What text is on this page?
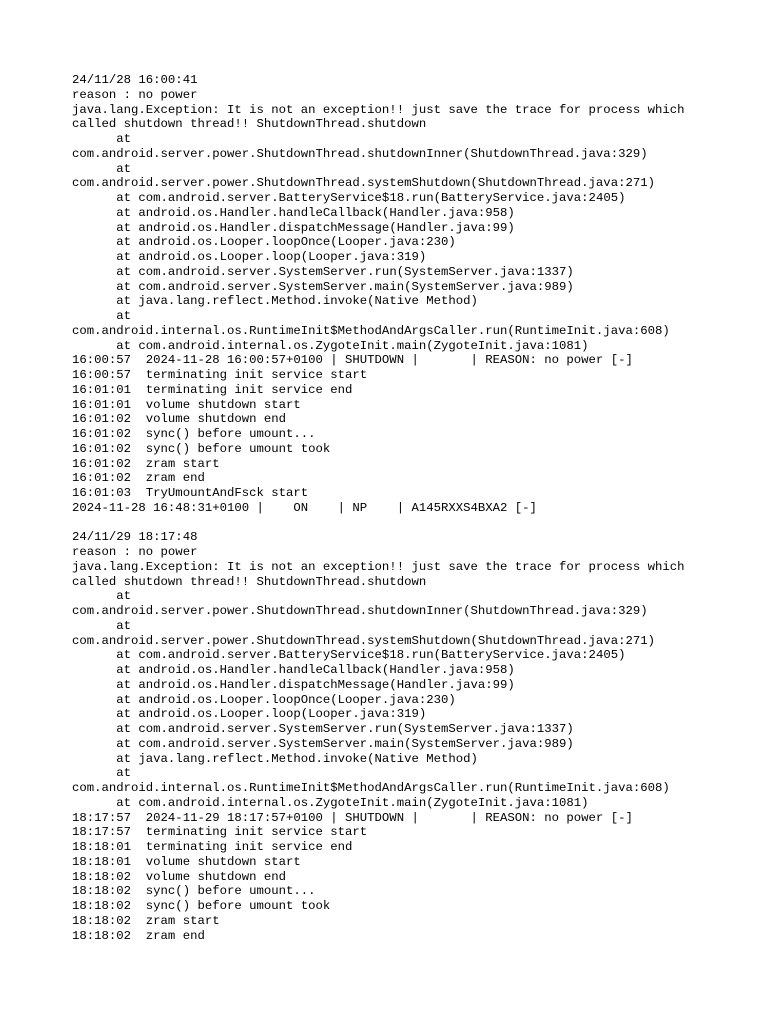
24/11/28 16:00:41
reason : no power
java.lang.Exception: It is not an exception!! just save the trace for process which
called shutdown thread!! ShutdownThread.shutdown
at
com.android.server.power.ShutdownThread.shutdownInner(ShutdownThread.java:329)
at
com.android.server.power.ShutdownThread.systemShutdown(ShutdownThread.java:271)
at com.android.server.BatteryService$18.run(BatteryService.java:2405)
at android.os.Handler.handleCallback(Handler.java:958)
at android.os.Handler.dispatchMessage(Handler.java:99)
at android.os.Looper.loopOnce(Looper.java:230)
at android.os.Looper.loop(Looper.java:319)
at com.android.server.SystemServer.run(SystemServer.java:1337)
at com.android.server.SystemServer.main(SystemServer.java:989)
at java.lang.reflect.Method.invoke(Native Method)
at
com.android.internal.os.RuntimeInit$MethodAndArgsCaller.run(RuntimeInit.java:608)
at com.android.internal.os.ZygoteInit.main(ZygoteInit.java:1081)
16:00:57  2024-11-28 16:00:57+0100 | SHUTDOWN |       | REASON: no power [-]
16:00:57  terminating init service start
16:01:01  terminating init service end
16:01:01  volume shutdown start
16:01:02  volume shutdown end
16:01:02  sync() before umount...
16:01:02  sync() before umount took
16:01:02  zram start
16:01:02  zram end
16:01:03  TryUmountAndFsck start
2024-11-28 16:48:31+0100 |    ON    | NP    | A145RXXS4BXA2 [-]
24/11/29 18:17:48
reason : no power
java.lang.Exception: It is not an exception!! just save the trace for process which
called shutdown thread!! ShutdownThread.shutdown
at
com.android.server.power.ShutdownThread.shutdownInner(ShutdownThread.java:329)
at
com.android.server.power.ShutdownThread.systemShutdown(ShutdownThread.java:271)
at com.android.server.BatteryService$18.run(BatteryService.java:2405)
at android.os.Handler.handleCallback(Handler.java:958)
at android.os.Handler.dispatchMessage(Handler.java:99)
at android.os.Looper.loopOnce(Looper.java:230)
at android.os.Looper.loop(Looper.java:319)
at com.android.server.SystemServer.run(SystemServer.java:1337)
at com.android.server.SystemServer.main(SystemServer.java:989)
at java.lang.reflect.Method.invoke(Native Method)
at
com.android.internal.os.RuntimeInit$MethodAndArgsCaller.run(RuntimeInit.java:608)
at com.android.internal.os.ZygoteInit.main(ZygoteInit.java:1081)
18:17:57  2024-11-29 18:17:57+0100 | SHUTDOWN |       | REASON: no power [-]
18:17:57  terminating init service start
18:18:01  terminating init service end
18:18:01  volume shutdown start
18:18:02  volume shutdown end
18:18:02  sync() before umount...
18:18:02  sync() before umount took
18:18:02  zram start
18:18:02  zram end
